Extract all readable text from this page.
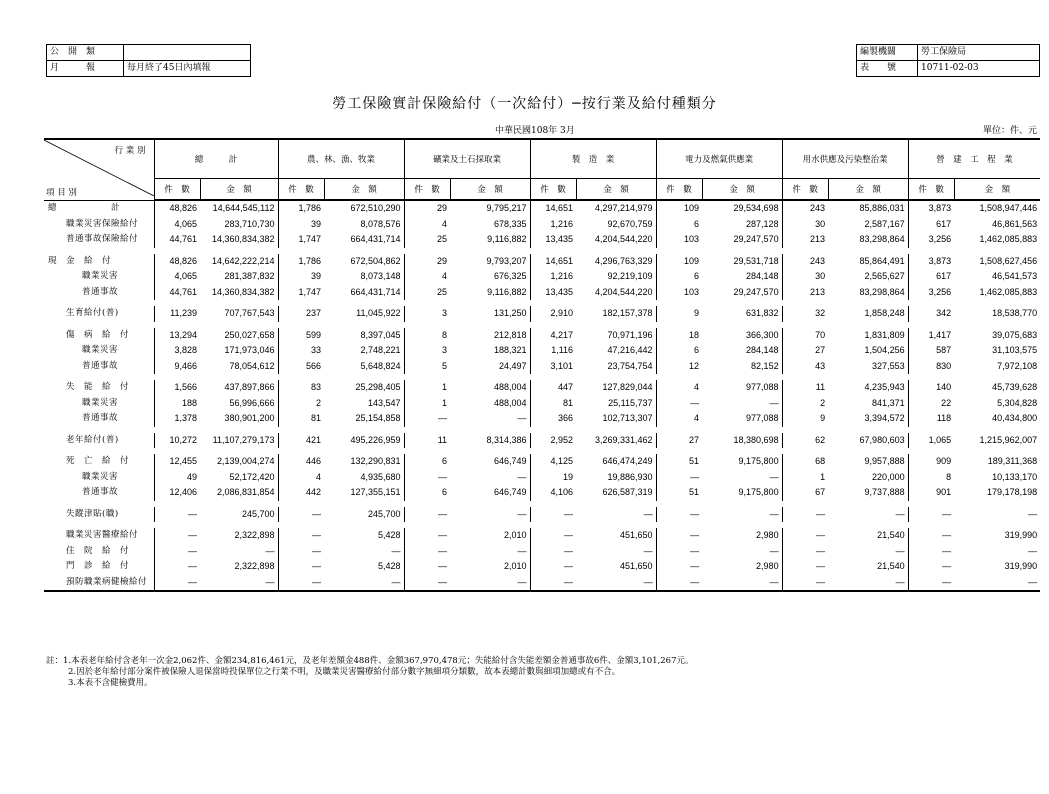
公　開　類	
月　　　報	每月終了45日內填報
編製機關	勞工保險局
表　　號	10711-02-03
勞工保險實計保險給付（一次給付）─按行業及給付種類分
中華民國108年 3月	單位：件、元
行 業 別
項 目 別	總　　　計		農、林、漁、牧業		礦業及土石採取業		製　造　業		電力及燃氣供應業		用水供應及污染整治業		營　建　工　程　業	
	件　數	金　額	件　數	金　額	件　數	金　額	件　數	金　額	件　數	金　額	件　數	金　額	件　數	金　額
總　　　　　　計	48,826	14,644,545,112	1,786	672,510,290	29	9,795,217	14,651	4,297,214,979	109	29,534,698	243	85,886,031	3,873	1,508,947,446
職業災害保險給付	4,065	283,710,730	39	8,078,576	4	678,335	1,216	92,670,759	6	287,128	30	2,587,167	617	46,861,563
普通事故保險給付	44,761	14,360,834,382	1,747	664,431,714	25	9,116,882	13,435	4,204,544,220	103	29,247,570	213	83,298,864	3,256	1,462,085,883

現　金　給　付	48,826	14,642,222,214	1,786	672,504,862	29	9,793,207	14,651	4,296,763,329	109	29,531,718	243	85,864,491	3,873	1,508,627,456
職業災害	4,065	281,387,832	39	8,073,148	4	676,325	1,216	92,219,109	6	284,148	30	2,565,627	617	46,541,573
普通事故	44,761	14,360,834,382	1,747	664,431,714	25	9,116,882	13,435	4,204,544,220	103	29,247,570	213	83,298,864	3,256	1,462,085,883

生育給付(普)	11,239	707,767,543	237	11,045,922	3	131,250	2,910	182,157,378	9	631,832	32	1,858,248	342	18,538,770

傷　病　給　付	13,294	250,027,658	599	8,397,045	8	212,818	4,217	70,971,196	18	366,300	70	1,831,809	1,417	39,075,683
職業災害	3,828	171,973,046	33	2,748,221	3	188,321	1,116	47,216,442	6	284,148	27	1,504,256	587	31,103,575
普通事故	9,466	78,054,612	566	5,648,824	5	24,497	3,101	23,754,754	12	82,152	43	327,553	830	7,972,108

失　能　給　付	1,566	437,897,866	83	25,298,405	1	488,004	447	127,829,044	4	977,088	11	4,235,943	140	45,739,628
職業災害	188	56,996,666	2	143,547	1	488,004	81	25,115,737	—	—	2	841,371	22	5,304,828
普通事故	1,378	380,901,200	81	25,154,858	—	—	366	102,713,307	4	977,088	9	3,394,572	118	40,434,800

老年給付(普)	10,272	11,107,279,173	421	495,226,959	11	8,314,386	2,952	3,269,331,462	27	18,380,698	62	67,980,603	1,065	1,215,962,007

死　亡　給　付	12,455	2,139,004,274	446	132,290,831	6	646,749	4,125	646,474,249	51	9,175,800	68	9,957,888	909	189,311,368
職業災害	49	52,172,420	4	4,935,680	—	—	19	19,886,930	—	—	1	220,000	8	10,133,170
普通事故	12,406	2,086,831,854	442	127,355,151	6	646,749	4,106	626,587,319	51	9,175,800	67	9,737,888	901	179,178,198

失蹤津貼(職)	—	245,700	—	245,700	—	—	—	—	—	—	—	—	—	—

職業災害醫療給付	—	2,322,898	—	5,428	—	2,010	—	451,650	—	2,980	—	21,540	—	319,990
住　院　給　付	—	—	—	—	—	—	—	—	—	—	—	—	—	—
門　診　給　付	—	2,322,898	—	5,428	—	2,010	—	451,650	—	2,980	—	21,540	—	319,990
預防職業病健檢給付	—	—	—	—	—	—	—	—	—	—	—	—	—	—
註：1.本表老年給付含老年一次金2,062件、金額234,816,461元，及老年差額金488件、金額367,970,478元；失能給付含失能差額金普通事故6件、金額3,101,267元。
2.因於老年給付部分案件被保險人退保當時投保單位之行業不明，及職業災害醫療給付部分數字無細項分類數，故本表總計數與細項加總或有不合。
3.本表不含健檢費用。
